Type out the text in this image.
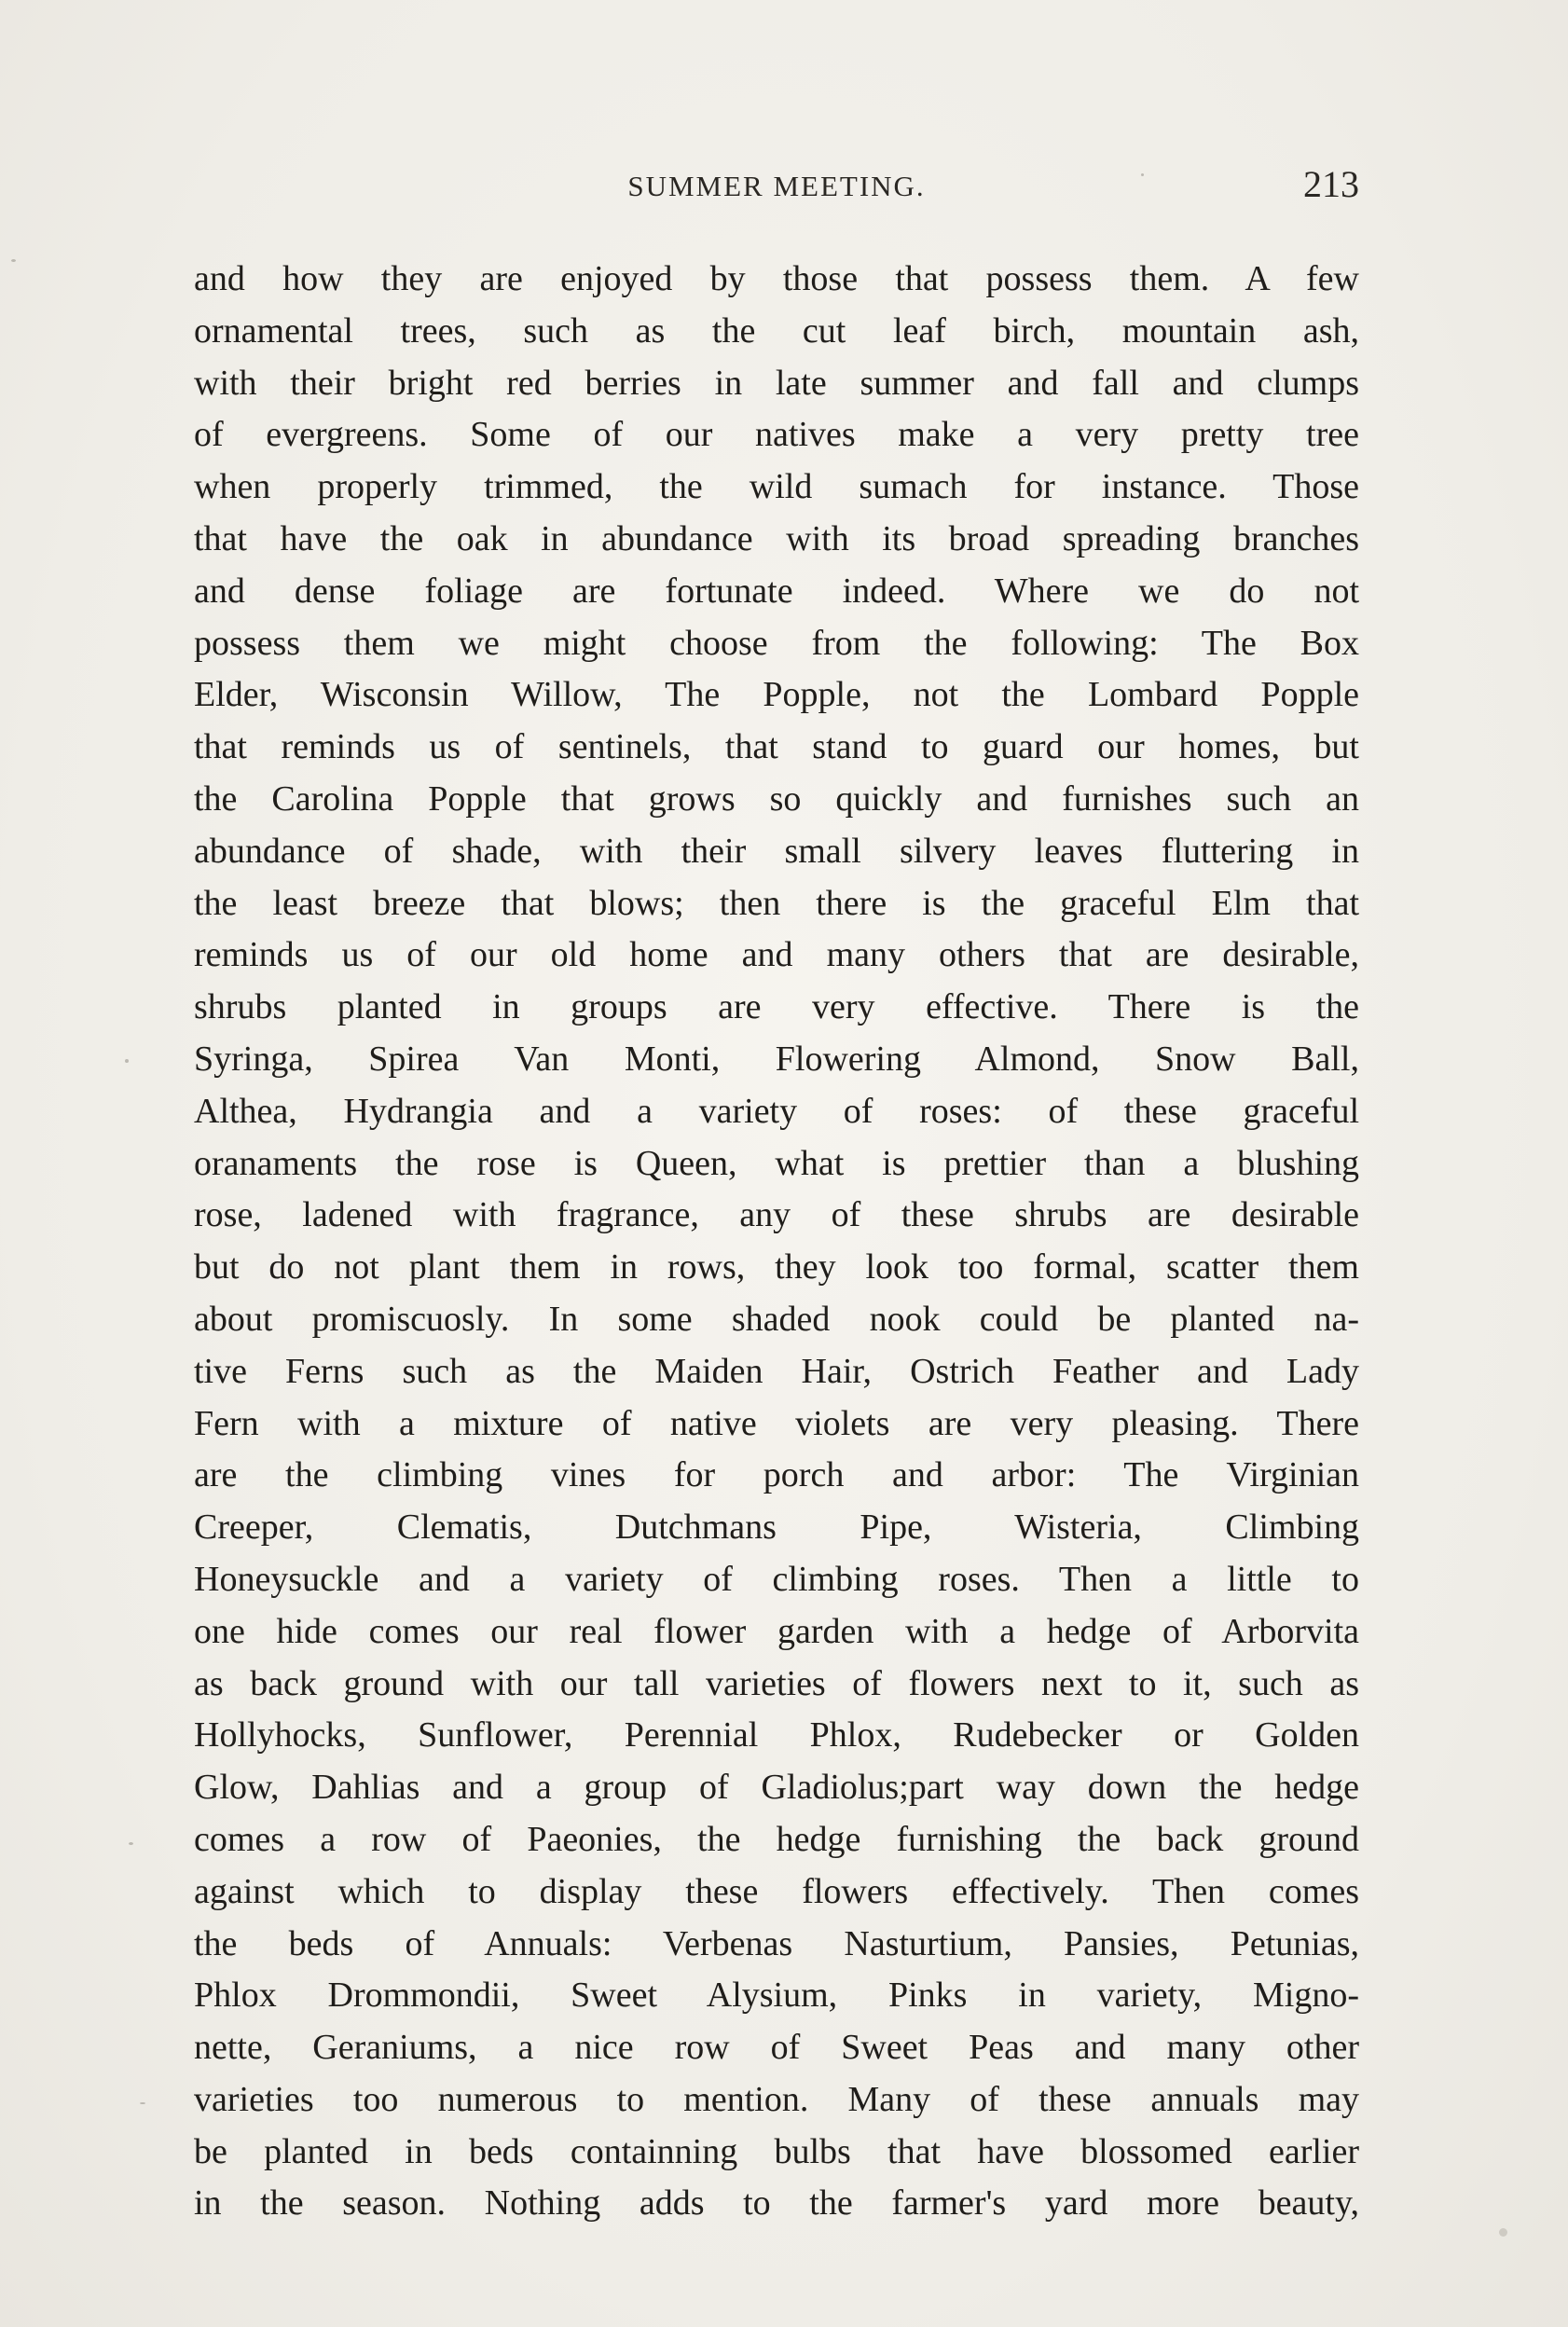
SUMMER MEETING.	213
and how they are enjoyed by those that possess them. A few
ornamental trees, such as the cut leaf birch, mountain ash,
with their bright red berries in late summer and fall and clumps
of evergreens. Some of our natives make a very pretty tree
when properly trimmed, the wild sumach for instance. Those
that have the oak in abundance with its broad spreading branches
and dense foliage are fortunate indeed. Where we do not
possess them we might choose from the following: The Box
Elder, Wisconsin Willow, The Popple, not the Lombard Popple
that reminds us of sentinels, that stand to guard our homes, but
the Carolina Popple that grows so quickly and furnishes such an
abundance of shade, with their small silvery leaves fluttering in
the least breeze that blows; then there is the graceful Elm that
reminds us of our old home and many others that are desirable,
shrubs planted in groups are very effective. There is the
Syringa, Spirea Van Monti, Flowering Almond, Snow Ball,
Althea, Hydrangia and a variety of roses: of these graceful
oranaments the rose is Queen, what is prettier than a blushing
rose, ladened with fragrance, any of these shrubs are desirable
but do not plant them in rows, they look too formal, scatter them
about promiscuosly. In some shaded nook could be planted na-
tive Ferns such as the Maiden Hair, Ostrich Feather and Lady
Fern with a mixture of native violets are very pleasing. There
are the climbing vines for porch and arbor: The Virginian
Creeper, Clematis, Dutchmans Pipe, Wisteria, Climbing
Honeysuckle and a variety of climbing roses. Then a little to
one hide comes our real flower garden with a hedge of Arborvita
as back ground with our tall varieties of flowers next to it, such as
Hollyhocks, Sunflower, Perennial Phlox, Rudebecker or Golden
Glow, Dahlias and a group of Gladiolus;part way down the hedge
comes a row of Paeonies, the hedge furnishing the back ground
against which to display these flowers effectively. Then comes
the beds of Annuals: Verbenas Nasturtium, Pansies, Petunias,
Phlox Drommondii, Sweet Alysium, Pinks in variety, Migno-
nette, Geraniums, a nice row of Sweet Peas and many other
varieties too numerous to mention. Many of these annuals may
be planted in beds containning bulbs that have blossomed earlier
in the season. Nothing adds to the farmer's yard more beauty,
